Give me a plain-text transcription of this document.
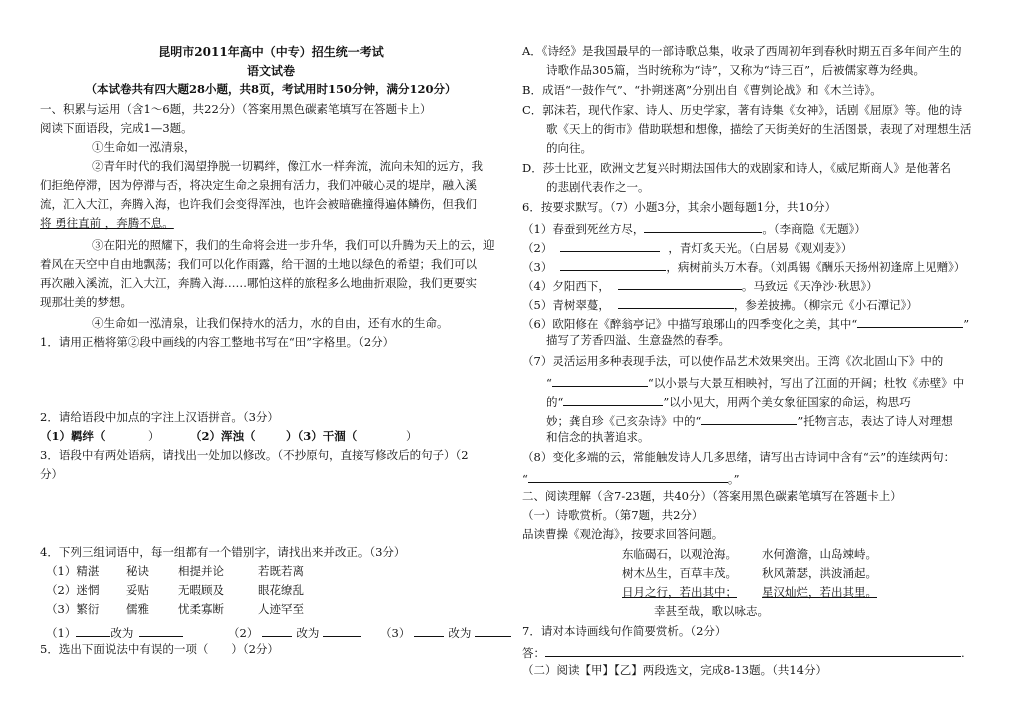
昆明市2011年高中（中专）招生统一考试
语文试卷
（本试卷共有四大题28小题，共8页，考试用时150分钟，满分120分）
一、积累与运用（含1～6题，共22分）（答案用黑色碳素笔填写在答题卡上）
阅读下面语段，完成1—3题。
①生命如一泓清泉，
②青年时代的我们渴望挣脱一切羁绊，像江水一样奔流，流向未知的远方，我
们拒绝停滞，因为停滞与否，将决定生命之泉拥有活力，我们冲破心灵的堤岸，融入溪
流，汇入大江，奔腾入海，也许我们会变得浑浊，也许会被暗礁撞得遍体鳞伤，但我们
将 勇往直前 ，奔腾不息。
③在阳光的照耀下，我们的生命将会进一步升华，我们可以升腾为天上的云，迎
着风在天空中自由地飘荡；我们可以化作雨露，给干涸的土地以绿色的希望；我们可以
再次融入溪流，汇入大江，奔腾入海……哪怕这样的旅程多么地曲折艰险，我们更要实
现那壮美的梦想。
④生命如一泓清泉，让我们保持水的活力，水的自由，还有水的生命。
1．请用正楷将第②段中画线的内容工整地书写在“田”字格里。（2分）
2．请给语段中加点的字注上汉语拼音。（3分）
（1）羁绊（	）	（2）浑浊（	）（3）干涸（	）
3．语段中有两处语病，请找出一处加以修改。（不抄原句，直接写修改后的句子）（2
分）
4．下列三组词语中，每一组都有一个错别字，请找出来并改正。（3分）
（1）精湛 秘诀	相提并论	若既若离
（2）迷惘 妥贴	无暇顾及	眼花缭乱
（3）繁衍 儒雅	忧柔寡断	人迹罕至
（1）	改为	（2）	改为	（3）	改为
5．选出下面说法中有误的一项（　　）（2分）
A．《诗经》是我国最早的一部诗歌总集，收录了西周初年到春秋时期五百多年间产生的
诗歌作品305篇，当时统称为“诗”，又称为“诗三百”，后被儒家尊为经典。
B．成语“一鼓作气”、“扑朔迷离”分别出自《曹刿论战》和《木兰诗》。
C．郭沫若，现代作家、诗人、历史学家，著有诗集《女神》，话剧《屈原》等。他的诗
歌《天上的街市》借助联想和想像，描绘了天街美好的生活图景，表现了对理想生活
的向往。
D．莎士比亚，欧洲文艺复兴时期法国伟大的戏剧家和诗人，《威尼斯商人》是他著名
的悲剧代表作之一。
6．按要求默写。（7）小题3分，其余小题每题1分，共10分）
（1）春蚕到死丝方尽，	。（李商隐《无题》）
（2）	，青灯炙天光。（白居易《观刈麦》）
（3）	，病树前头万木春。（刘禹锡《酬乐天扬州初逢席上见赠》）
（4）夕阳西下，	。马致远《天净沙·秋思》）
（5）青树翠蔓，	，参差披拂。（柳宗元《小石潭记》）
（6）欧阳修在《醉翁亭记》中描写琅琊山的四季变化之美，其中“	”
描写了芳香四溢、生意盎然的春季。
（7）灵活运用多种表现手法，可以使作品艺术效果突出。王湾《次北固山下》中的
“	“以小景与大景互相映衬，写出了江面的开阔；杜牧《赤壁》中
的“	”以小见大，用两个美女象征国家的命运，构思巧
妙；龚自珍《己亥杂诗》中的“	”托物言志，表达了诗人对理想
和信念的执著追求。
（8）变化多端的云，常能触发诗人几多思绪，请写出古诗词中含有“云”的连续两句：
“	。”
二、阅读理解（含7-23题，共40分）（答案用黑色碳素笔填写在答题卡上）
（一）诗歌赏析。（第7题，共2分）
品读曹操《观沧海》，按要求回答问题。
东临碣石，以观沧海。 水何澹澹，山岛竦峙。
树木丛生，百草丰茂。 秋风萧瑟，洪波涌起。
日月之行，若出其中； 星汉灿烂，若出其里。
幸甚至哉，歌以咏志。
7．请对本诗画线句作简要赏析。（2分）
答：	.
（二）阅读【甲】【乙】两段选文，完成8-13题。（共14分）
